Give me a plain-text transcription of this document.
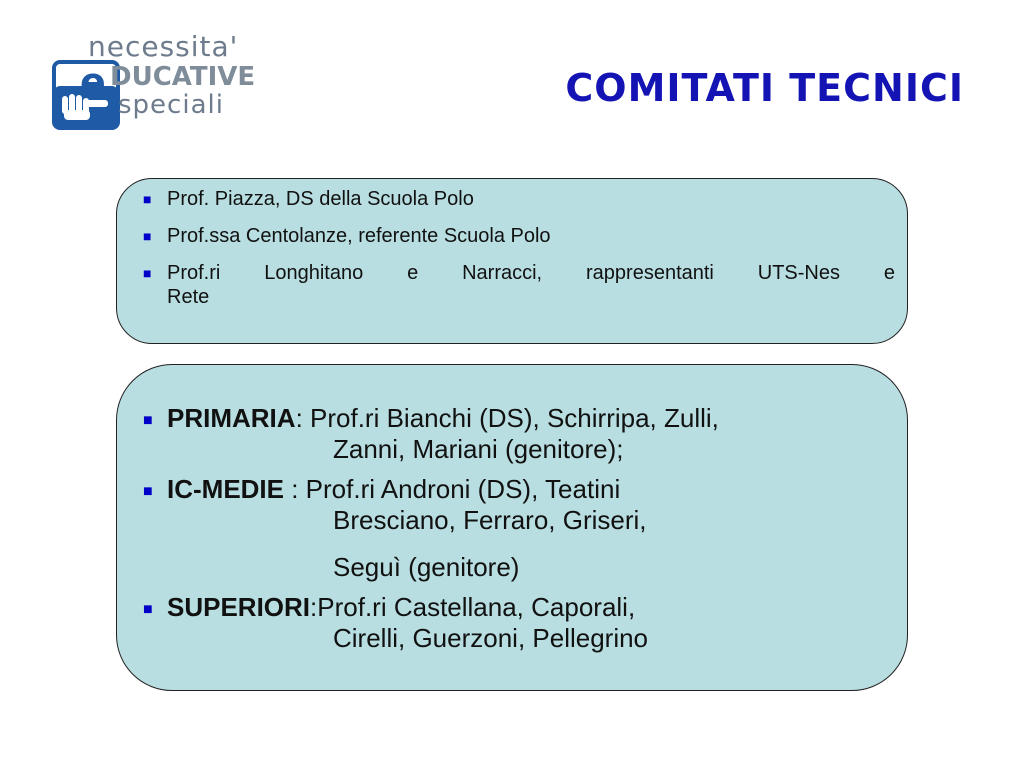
necessita'
e DUCATIVE
speciali	COMITATI TECNICI
■ Prof. Piazza, DS della Scuola Polo
■ Prof.ssa Centolanze, referente Scuola Polo
■ Prof.ri Longhitano e Narracci, rappresentanti UTS-Nes e
Rete
■ PRIMARIA: Prof.ri Bianchi (DS), Schirripa, Zulli,
Zanni, Mariani (genitore);
■ IC-MEDIE : Prof.ri Androni (DS), Teatini
Bresciano, Ferraro, Griseri,
Seguì (genitore)
■ SUPERIORI:Prof.ri Castellana, Caporali,
Cirelli, Guerzoni, Pellegrino
